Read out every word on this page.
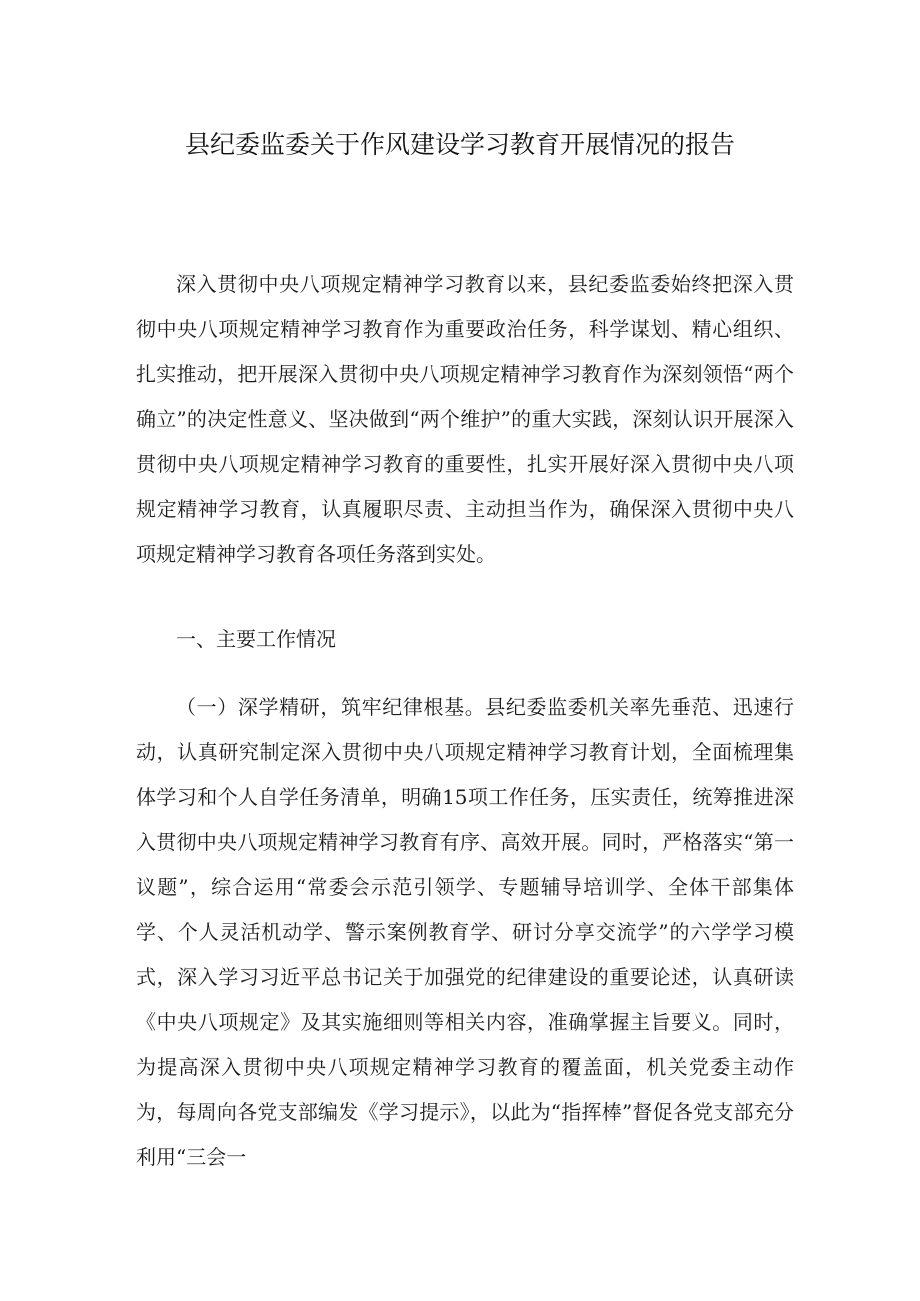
县纪委监委关于作风建设学习教育开展情况的报告

深入贯彻中央八项规定精神学习教育以来，县纪委监委始终把深入贯彻中央八项规定精神学习教育作为重要政治任务，科学谋划、精心组织、扎实推动，把开展深入贯彻中央八项规定精神学习教育作为深刻领悟“两个确立”的决定性意义、坚决做到“两个维护”的重大实践，深刻认识开展深入贯彻中央八项规定精神学习教育的重要性，扎实开展好深入贯彻中央八项规定精神学习教育，认真履职尽责、主动担当作为，确保深入贯彻中央八项规定精神学习教育各项任务落到实处。

一、主要工作情况

（一）深学精研，筑牢纪律根基。县纪委监委机关率先垂范、迅速行动，认真研究制定深入贯彻中央八项规定精神学习教育计划，全面梳理集体学习和个人自学任务清单，明确15项工作任务，压实责任，统筹推进深入贯彻中央八项规定精神学习教育有序、高效开展。同时，严格落实“第一议题”，综合运用“常委会示范引领学、专题辅导培训学、全体干部集体学、个人灵活机动学、警示案例教育学、研讨分享交流学”的六学学习模式，深入学习习近平总书记关于加强党的纪律建设的重要论述，认真研读《中央八项规定》及其实施细则等相关内容，准确掌握主旨要义。同时，为提高深入贯彻中央八项规定精神学习教育的覆盖面，机关党委主动作为，每周向各党支部编发《学习提示》，以此为“指挥棒”督促各党支部充分利用“三会一
